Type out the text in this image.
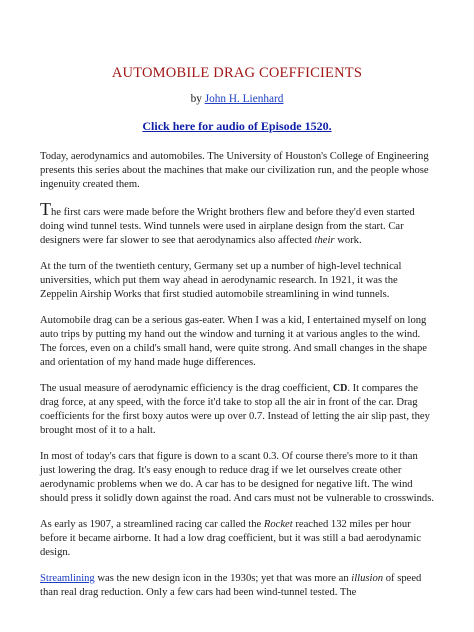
AUTOMOBILE DRAG COEFFICIENTS
by John H. Lienhard
Click here for audio of Episode 1520.

Today, aerodynamics and automobiles. The University of Houston's College of Engineering presents this series about the machines that make our civilization run, and the people whose ingenuity created them.

The first cars were made before the Wright brothers flew and before they'd even started doing wind tunnel tests. Wind tunnels were used in airplane design from the start. Car designers were far slower to see that aerodynamics also affected their work.

At the turn of the twentieth century, Germany set up a number of high-level technical universities, which put them way ahead in aerodynamic research. In 1921, it was the Zeppelin Airship Works that first studied automobile streamlining in wind tunnels.

Automobile drag can be a serious gas-eater. When I was a kid, I entertained myself on long auto trips by putting my hand out the window and turning it at various angles to the wind. The forces, even on a child's small hand, were quite strong. And small changes in the shape and orientation of my hand made huge differences.

The usual measure of aerodynamic efficiency is the drag coefficient, CD. It compares the drag force, at any speed, with the force it'd take to stop all the air in front of the car. Drag coefficients for the first boxy autos were up over 0.7. Instead of letting the air slip past, they brought most of it to a halt.

In most of today's cars that figure is down to a scant 0.3. Of course there's more to it than just lowering the drag. It's easy enough to reduce drag if we let ourselves create other aerodynamic problems when we do. A car has to be designed for negative lift. The wind should press it solidly down against the road. And cars must not be vulnerable to crosswinds.

As early as 1907, a streamlined racing car called the Rocket reached 132 miles per hour before it became airborne. It had a low drag coefficient, but it was still a bad aerodynamic design.

Streamlining was the new design icon in the 1930s; yet that was more an illusion of speed than real drag reduction. Only a few cars had been wind-tunnel tested. The
